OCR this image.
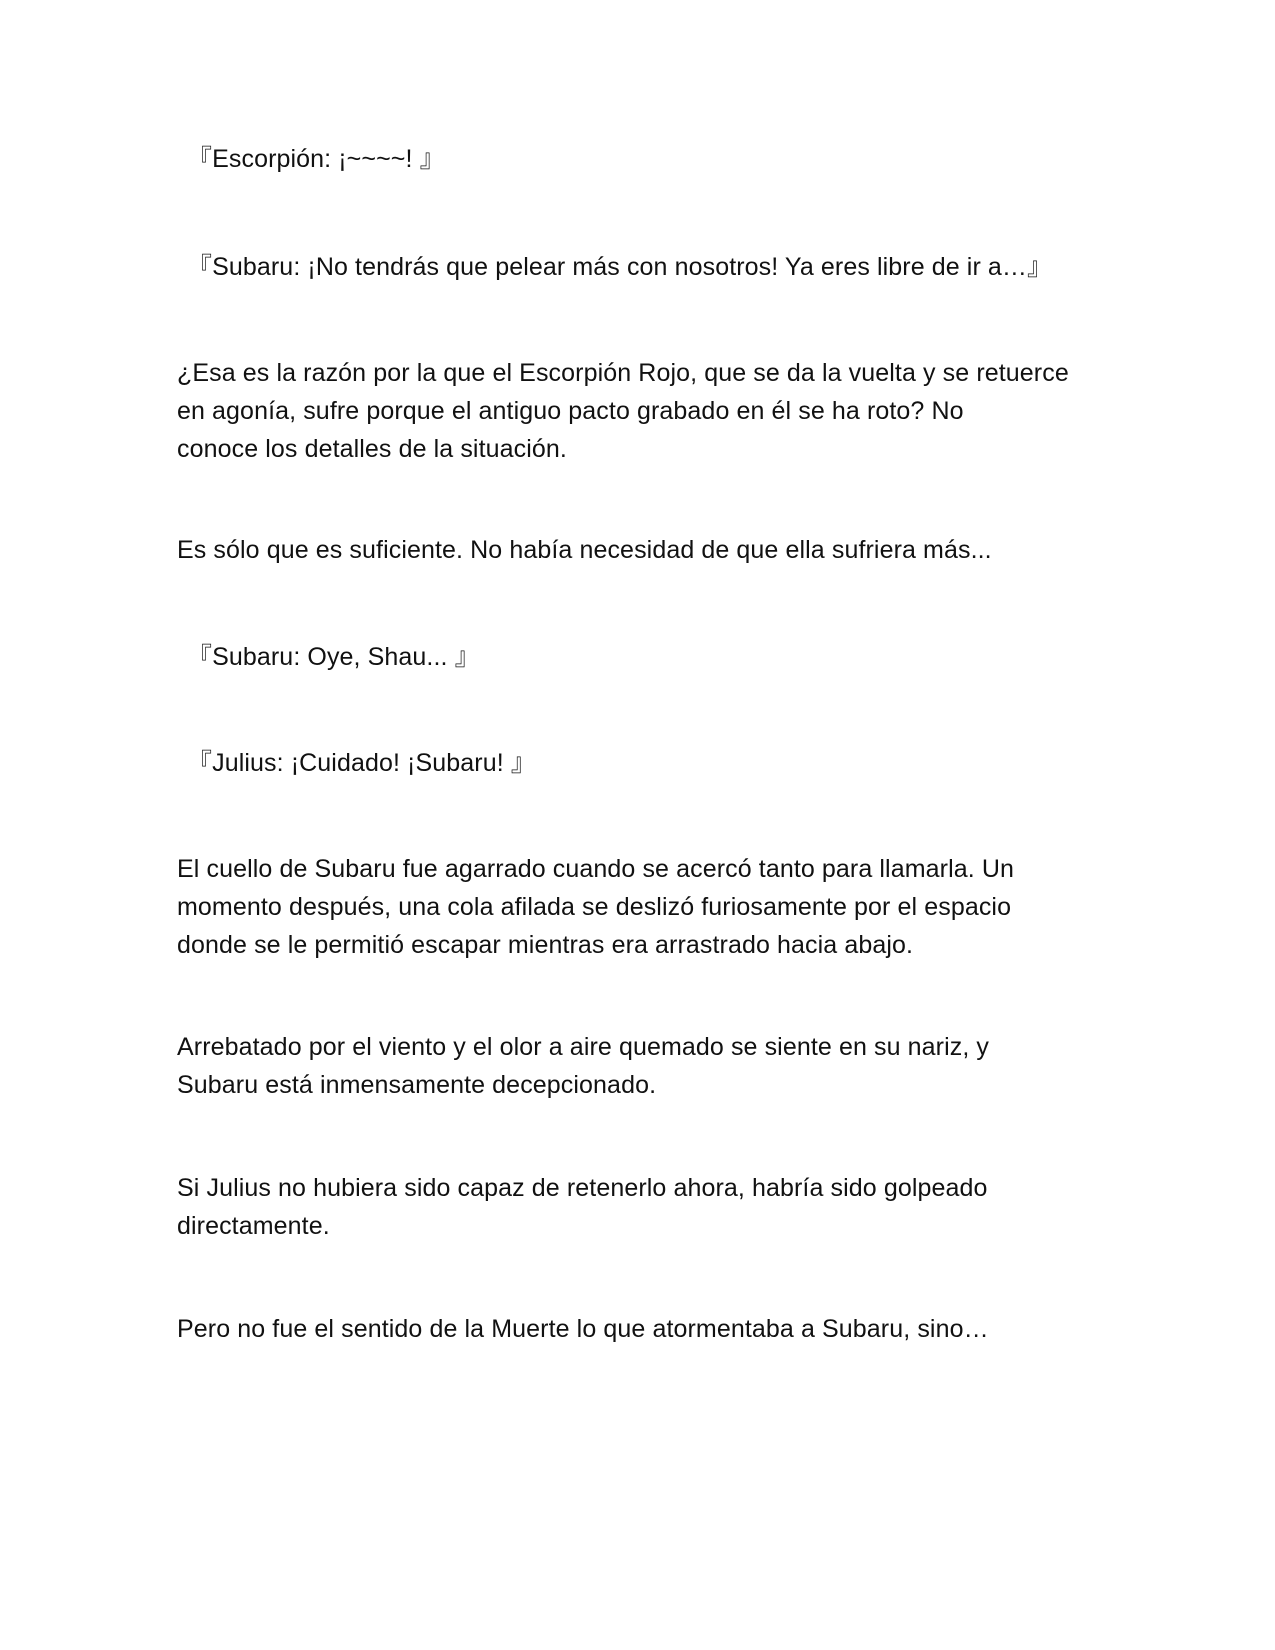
『Escorpión: ¡~~~~! 』

『Subaru: ¡No tendrás que pelear más con nosotros! Ya eres libre de ir a…』

¿Esa es la razón por la que el Escorpión Rojo, que se da la vuelta y se retuerce
en agonía, sufre porque el antiguo pacto grabado en él se ha roto? No
conoce los detalles de la situación.

Es sólo que es suficiente. No había necesidad de que ella sufriera más...

『Subaru: Oye, Shau... 』

『Julius: ¡Cuidado! ¡Subaru! 』

El cuello de Subaru fue agarrado cuando se acercó tanto para llamarla. Un
momento después, una cola afilada se deslizó furiosamente por el espacio
donde se le permitió escapar mientras era arrastrado hacia abajo.

Arrebatado por el viento y el olor a aire quemado se siente en su nariz, y
Subaru está inmensamente decepcionado.

Si Julius no hubiera sido capaz de retenerlo ahora, habría sido golpeado
directamente.

Pero no fue el sentido de la Muerte lo que atormentaba a Subaru, sino…
